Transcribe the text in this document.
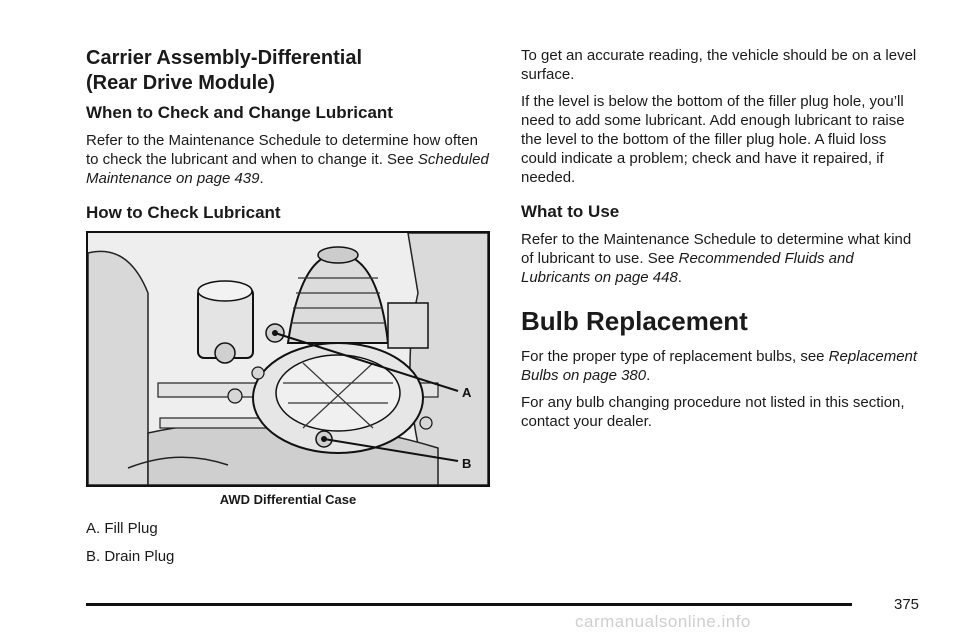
Carrier Assembly-Differential
(Rear Drive Module)
When to Check and Change Lubricant

Refer to the Maintenance Schedule to determine how often to check the lubricant and when to change it. See Scheduled Maintenance on page 439.

How to Check Lubricant
A
B
AWD Differential Case
A. Fill Plug
B. Drain Plug

To get an accurate reading, the vehicle should be on a level surface.

If the level is below the bottom of the filler plug hole, you’ll need to add some lubricant. Add enough lubricant to raise the level to the bottom of the filler plug hole. A fluid loss could indicate a problem; check and have it repaired, if needed.

What to Use

Refer to the Maintenance Schedule to determine what kind of lubricant to use. See Recommended Fluids and Lubricants on page 448.

Bulb Replacement

For the proper type of replacement bulbs, see Replacement Bulbs on page 380.

For any bulb changing procedure not listed in this section, contact your dealer.

375
carmanualsonline.info
